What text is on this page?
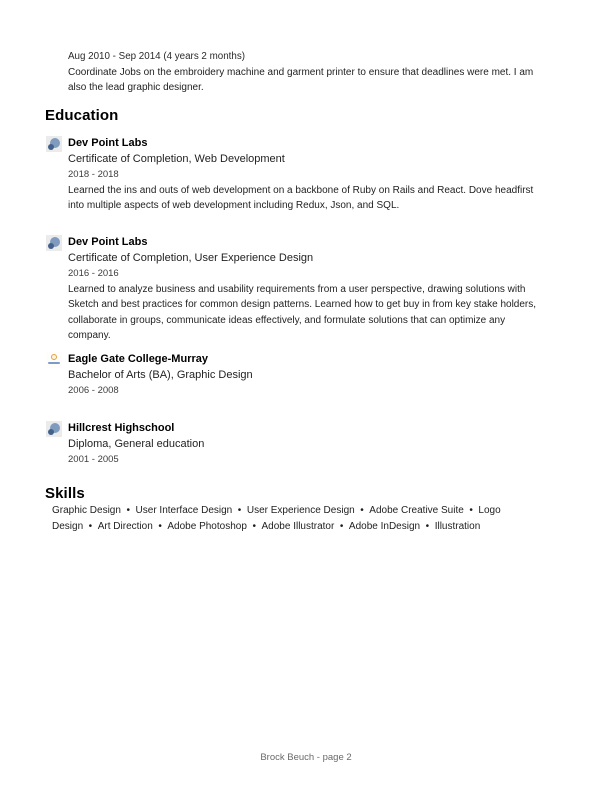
Aug 2010 - Sep 2014 (4 years 2 months)
Coordinate Jobs on the embroidery machine and garment printer to ensure that deadlines were met. I am also the lead graphic designer.
Education
Dev Point Labs
Certificate of Completion, Web Development
2018 - 2018
Learned the ins and outs of web development on a backbone of Ruby on Rails and React. Dove headfirst into multiple aspects of web development including Redux, Json, and SQL.
Dev Point Labs
Certificate of Completion, User Experience Design
2016 - 2016
Learned to analyze business and usability requirements from a user perspective, drawing solutions with Sketch and best practices for common design patterns. Learned how to get buy in from key stake holders, collaborate in groups, communicate ideas effectively, and formulate solutions that can optimize any company.
Eagle Gate College-Murray
Bachelor of Arts (BA), Graphic Design
2006 - 2008
Hillcrest Highschool
Diploma, General education
2001 - 2005
Skills
Graphic Design  •  User Interface Design  •  User Experience Design  •  Adobe Creative Suite  •  Logo Design  •  Art Direction  •  Adobe Photoshop  •  Adobe Illustrator  •  Adobe InDesign  •  Illustration
Brock Beuch - page 2
